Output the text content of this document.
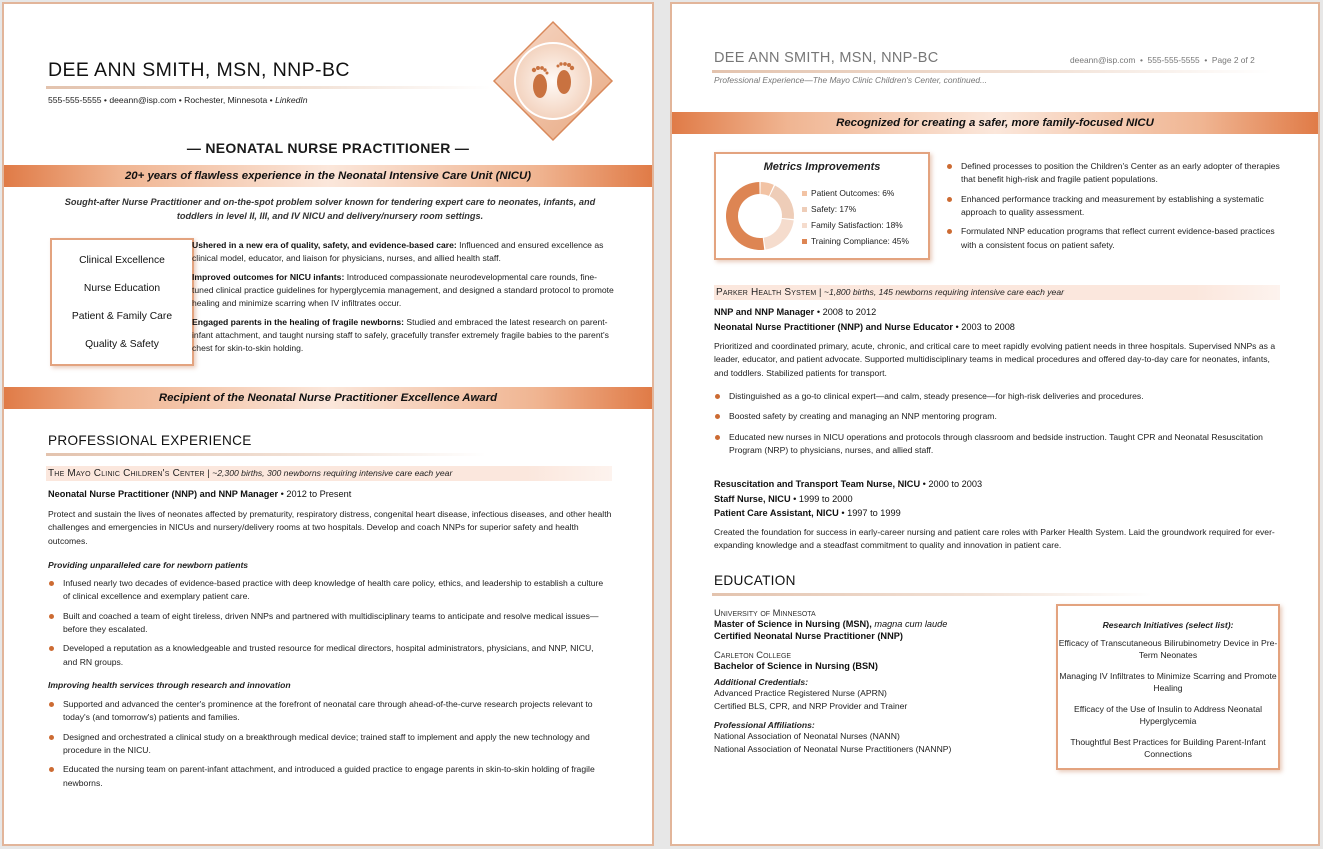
DEE ANN SMITH, MSN, NNP-BC
555-555-5555 • deeann@isp.com • Rochester, Minnesota • LinkedIn
— NEONATAL NURSE PRACTITIONER —
20+ years of flawless experience in the Neonatal Intensive Care Unit (NICU)
Sought-after Nurse Practitioner and on-the-spot problem solver known for tendering expert care to neonates, infants, and toddlers in level II, III, and IV NICU and delivery/nursery room settings.
Clinical Excellence
Nurse Education
Patient & Family Care
Quality & Safety

Ushered in a new era of quality, safety, and evidence-based care: Influenced and ensured excellence as clinical model, educator, and liaison for physicians, nurses, and allied health staff.

Improved outcomes for NICU infants: Introduced compassionate neurodevelopmental care rounds, fine-tuned clinical practice guidelines for hyperglycemia management, and designed a standard protocol to promote healing and minimize scarring when IV infiltrates occur.

Engaged parents in the healing of fragile newborns: Studied and embraced the latest research on parent-infant attachment, and taught nursing staff to safely, gracefully transfer extremely fragile babies to the parent's chest for skin-to-skin holding.

Recipient of the Neonatal Nurse Practitioner Excellence Award
PROFESSIONAL EXPERIENCE
The Mayo Clinic Children's Center | ~2,300 births, 300 newborns requiring intensive care each year
Neonatal Nurse Practitioner (NNP) and NNP Manager • 2012 to Present
Protect and sustain the lives of neonates affected by prematurity, respiratory distress, congenital heart disease, infectious diseases, and other health challenges and emergencies in NICUs and nursery/delivery rooms at two hospitals. Develop and coach NNPs for superior safety and health outcomes.
Providing unparalleled care for newborn patients
Infused nearly two decades of evidence-based practice with deep knowledge of health care policy, ethics, and leadership to establish a culture of clinical excellence and exemplary patient care.
Built and coached a team of eight tireless, driven NNPs and partnered with multidisciplinary teams to anticipate and resolve medical issues—before they escalated.
Developed a reputation as a knowledgeable and trusted resource for medical directors, hospital administrators, physicians, and NNP, NICU, and RN groups.
Improving health services through research and innovation
Supported and advanced the center's prominence at the forefront of neonatal care through ahead-of-the-curve research projects relevant to today's (and tomorrow's) patients and families.
Designed and orchestrated a clinical study on a breakthrough medical device; trained staff to implement and apply the new technology and procedure in the NICU.
Educated the nursing team on parent-infant attachment, and introduced a guided practice to engage parents in skin-to-skin holding of fragile newborns.
DEE ANN SMITH, MSN, NNP-BC	deeann@isp.com  •  555-555-5555  •  Page 2 of 2
Professional Experience—The Mayo Clinic Children's Center, continued...
Recognized for creating a safer, more family-focused NICU
Metrics Improvements
Patient Outcomes: 6%
Safety: 17%
Family Satisfaction: 18%
Training Compliance: 45%
Defined processes to position the Children's Center as an early adopter of therapies that benefit high-risk and fragile patient populations.
Enhanced performance tracking and measurement by establishing a systematic approach to quality assessment.
Formulated NNP education programs that reflect current evidence-based practices with a consistent focus on patient safety.
Parker Health System | ~1,800 births, 145 newborns requiring intensive care each year
NNP and NNP Manager • 2008 to 2012
Neonatal Nurse Practitioner (NNP) and Nurse Educator • 2003 to 2008
Prioritized and coordinated primary, acute, chronic, and critical care to meet rapidly evolving patient needs in three hospitals. Supervised NNPs as a leader, educator, and patient advocate. Supported multidisciplinary teams in medical procedures and offered day-to-day care for neonates, infants, and toddlers. Stabilized patients for transport.
Distinguished as a go-to clinical expert—and calm, steady presence—for high-risk deliveries and procedures.
Boosted safety by creating and managing an NNP mentoring program.
Educated new nurses in NICU operations and protocols through classroom and bedside instruction. Taught CPR and Neonatal Resuscitation Program (NRP) to physicians, nurses, and allied staff.
Resuscitation and Transport Team Nurse, NICU • 2000 to 2003
Staff Nurse, NICU • 1999 to 2000
Patient Care Assistant, NICU • 1997 to 1999
Created the foundation for success in early-career nursing and patient care roles with Parker Health System. Laid the groundwork required for ever-expanding knowledge and a steadfast commitment to quality and innovation in patient care.
EDUCATION
University of Minnesota
Master of Science in Nursing (MSN), magna cum laude
Certified Neonatal Nurse Practitioner (NNP)
Carleton College
Bachelor of Science in Nursing (BSN)
Additional Credentials:
Advanced Practice Registered Nurse (APRN)
Certified BLS, CPR, and NRP Provider and Trainer
Professional Affiliations:
National Association of Neonatal Nurses (NANN)
National Association of Neonatal Nurse Practitioners (NANNP)
Research Initiatives (select list):
Efficacy of Transcutaneous Bilirubinometry Device in Pre-Term Neonates
Managing IV Infiltrates to Minimize Scarring and Promote Healing
Efficacy of the Use of Insulin to Address Neonatal Hyperglycemia
Thoughtful Best Practices for Building Parent-Infant Connections
